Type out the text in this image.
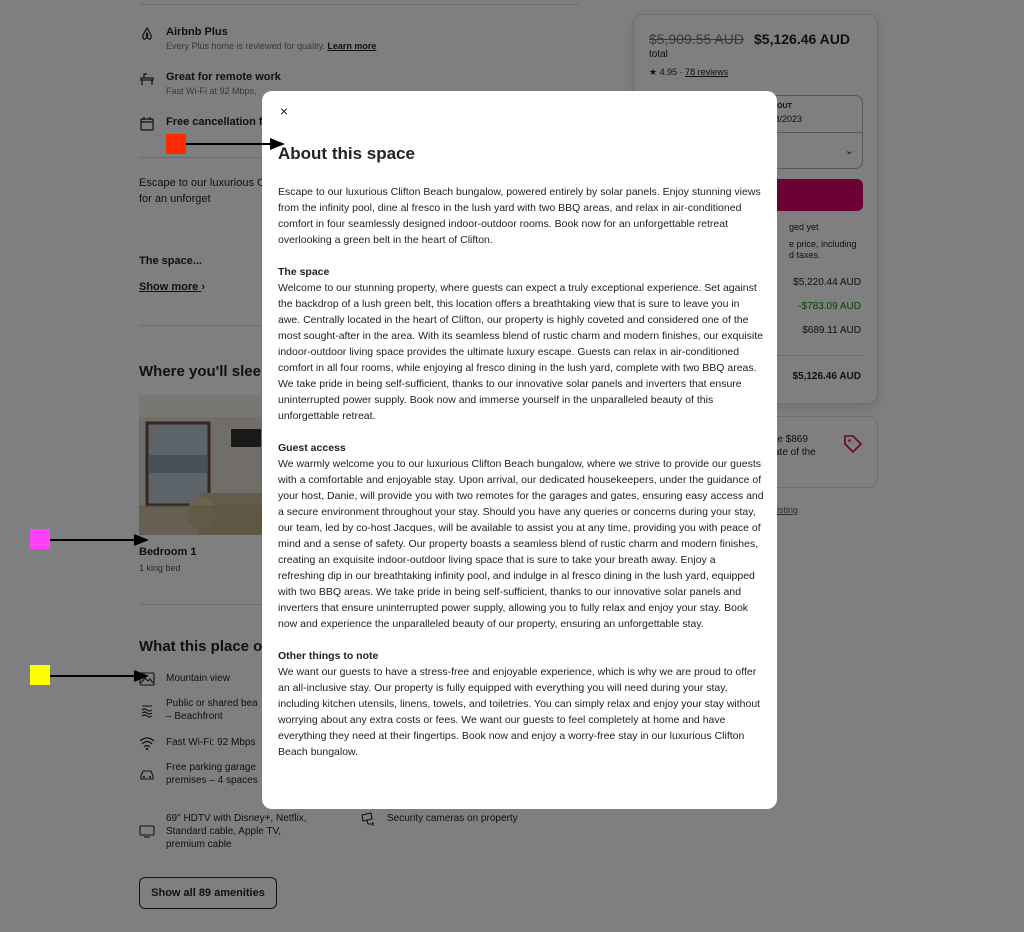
×
About this space

Escape to our luxurious Clifton Beach bungalow, powered entirely by solar panels. Enjoy stunning views from the infinity pool, dine al fresco in the lush yard with two BBQ areas, and relax in air-conditioned comfort in four seamlessly designed indoor-outdoor rooms. Book now for an unforgettable retreat overlooking a green belt in the heart of Clifton.

The space

Welcome to our stunning property, where guests can expect a truly exceptional experience. Set against the backdrop of a lush green belt, this location offers a breathtaking view that is sure to leave you in awe. Centrally located in the heart of Clifton, our property is highly coveted and considered one of the most sought-after in the area. With its seamless blend of rustic charm and modern finishes, our exquisite indoor-outdoor living space provides the ultimate luxury escape. Guests can relax in air-conditioned comfort in all four rooms, while enjoying al fresco dining in the lush yard, complete with two BBQ areas. We take pride in being self-sufficient, thanks to our innovative solar panels and inverters that ensure uninterrupted power supply. Book now and immerse yourself in the unparalleled beauty of this unforgettable retreat.

Guest access

We warmly welcome you to our luxurious Clifton Beach bungalow, where we strive to provide our guests with a comfortable and enjoyable stay. Upon arrival, our dedicated housekeepers, under the guidance of your host, Danie, will provide you with two remotes for the garages and gates, ensuring easy access and a secure environment throughout your stay. Should you have any queries or concerns during your stay, our team, led by co-host Jacques, will be available to assist you at any time, providing you with peace of mind and a sense of safety. Our property boasts a seamless blend of rustic charm and modern finishes, creating an exquisite indoor-outdoor living space that is sure to take your breath away. Enjoy a refreshing dip in our breathtaking infinity pool, and indulge in al fresco dining in the lush yard, equipped with two BBQ areas. We take pride in being self-sufficient, thanks to our innovative solar panels and inverters that ensure uninterrupted power supply, allowing you to fully relax and enjoy your stay. Book now and experience the unparalleled beauty of our property, ensuring an unforgettable stay.

Other things to note

We want our guests to have a stress-free and enjoyable experience, which is why we are proud to offer an all-inclusive stay. Our property is fully equipped with everything you will need during your stay, including kitchen utensils, linens, towels, and toiletries. You can simply relax and enjoy your stay without worrying about any extra costs or fees. We want our guests to feel completely at home and have everything they need at their fingertips. Book now and enjoy a worry-free stay in our luxurious Clifton Beach bungalow.
